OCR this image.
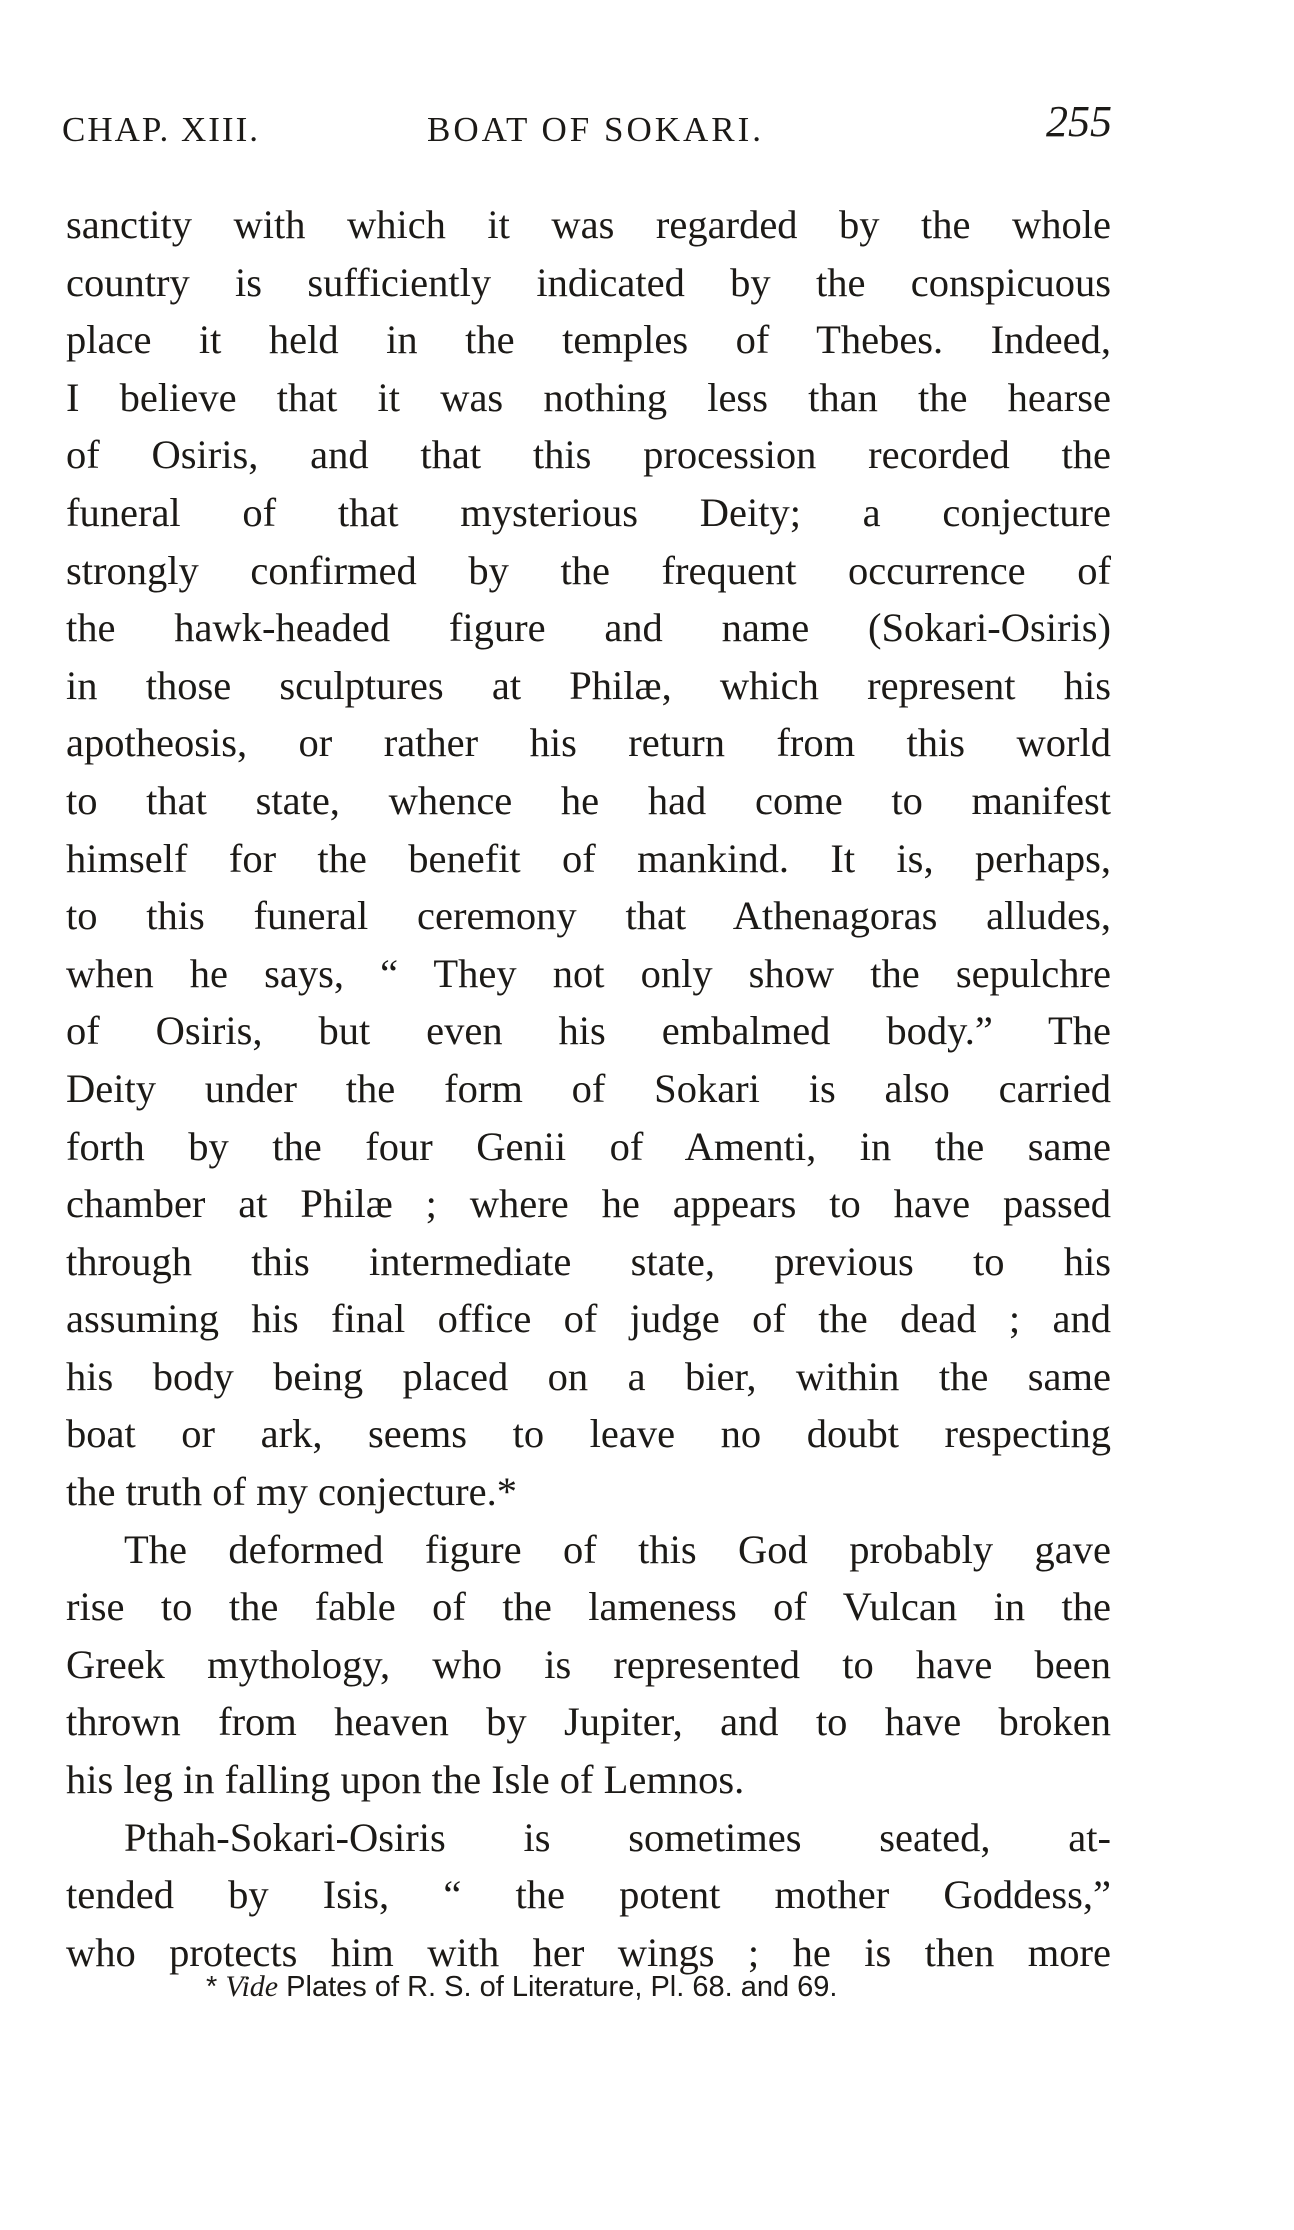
CHAP. XIII.	BOAT OF SOKARI.	255
sanctity with which it was regarded by the whole
country is sufficiently indicated by the conspicuous
place it held in the temples of Thebes. Indeed,
I believe that it was nothing less than the hearse
of Osiris, and that this procession recorded the
funeral of that mysterious Deity; a conjecture
strongly confirmed by the frequent occurrence of
the hawk-headed figure and name (Sokari-Osiris)
in those sculptures at Philæ, which represent his
apotheosis, or rather his return from this world
to that state, whence he had come to manifest
himself for the benefit of mankind. It is, perhaps,
to this funeral ceremony that Athenagoras alludes,
when he says, “ They not only show the sepulchre
of Osiris, but even his embalmed body.” The
Deity under the form of Sokari is also carried
forth by the four Genii of Amenti, in the same
chamber at Philæ ; where he appears to have passed
through this intermediate state, previous to his
assuming his final office of judge of the dead ; and
his body being placed on a bier, within the same
boat or ark, seems to leave no doubt respecting
the truth of my conjecture.*
The deformed figure of this God probably gave
rise to the fable of the lameness of Vulcan in the
Greek mythology, who is represented to have been
thrown from heaven by Jupiter, and to have broken
his leg in falling upon the Isle of Lemnos.
Pthah-Sokari-Osiris is sometimes seated, at-
tended by Isis, “ the potent mother Goddess,”
who protects him with her wings ; he is then more
* Vide Plates of R. S. of Literature, Pl. 68. and 69.
